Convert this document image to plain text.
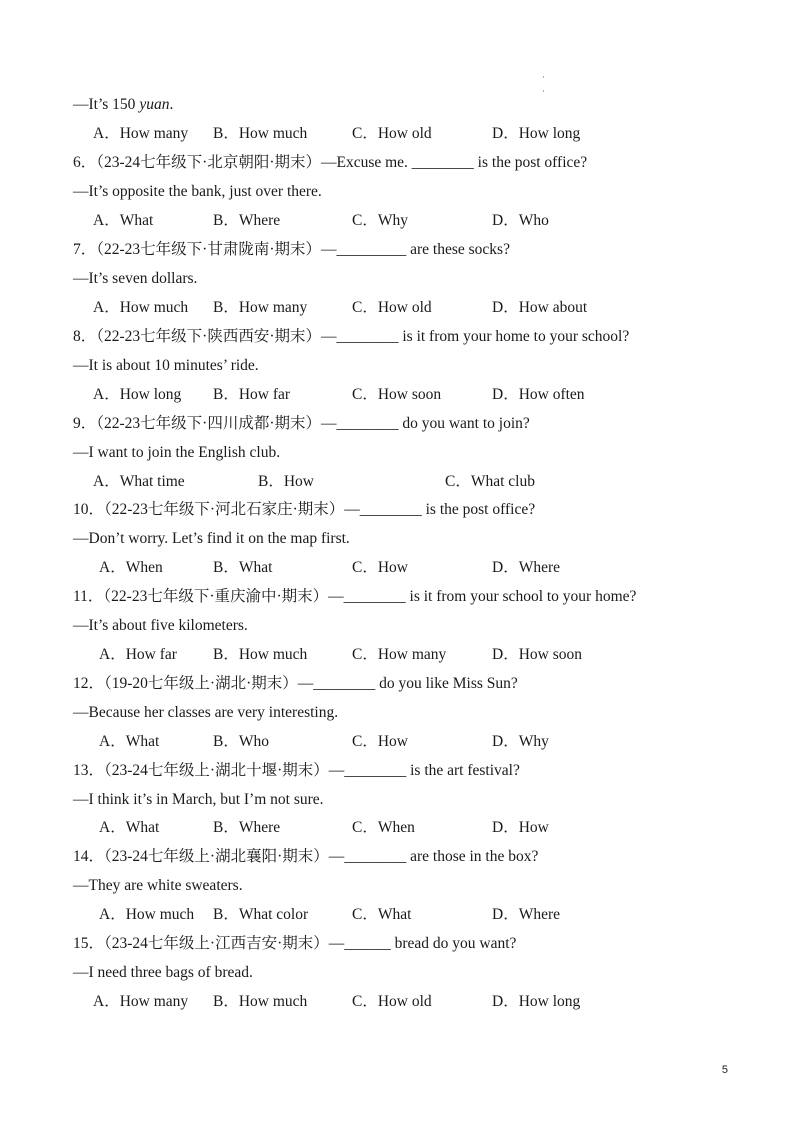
·
·
—It’s 150 yuan.
A．How many B．How much	C．How old	D．How long
6．（23-24七年级下·北京朝阳·期末）—Excuse me. ________ is the post office?
—It’s opposite the bank, just over there.
A．What	B．Where	C．Why	D．Who
7．（22-23七年级下·甘肃陇南·期末）—_________ are these socks?
—It’s seven dollars.
A．How much B．How many	C．How old	D．How about
8．（22-23七年级下·陕西西安·期末）—________ is it from your home to your school?
—It is about 10 minutes’ ride.
A．How long B．How far	C．How soon	D．How often
9．（22-23七年级下·四川成都·期末）—________ do you want to join?
—I want to join the English club.
A．What time	B．How	C．What club
10．（22-23七年级下·河北石家庄·期末）—________ is the post office?
—Don’t worry. Let’s find it on the map first.
A．When	B．What	C．How	D．Where
11．（22-23七年级下·重庆渝中·期末）—________ is it from your school to your home?
—It’s about five kilometers.
A．How far B．How much	C．How many	D．How soon
12．（19-20七年级上·湖北·期末）—________ do you like Miss Sun?
—Because her classes are very interesting.
A．What	B．Who	C．How	D．Why
13．（23-24七年级上·湖北十堰·期末）—________ is the art festival?
—I think it’s in March, but I’m not sure.
A．What	B．Where	C．When	D．How
14．（23-24七年级上·湖北襄阳·期末）—________ are those in the box?
—They are white sweaters.
A．How much B．What color	C．What	D．Where
15．（23-24七年级上·江西吉安·期末）—______ bread do you want?
—I need three bags of bread.
A．How many B．How much	C．How old	D．How long
5
